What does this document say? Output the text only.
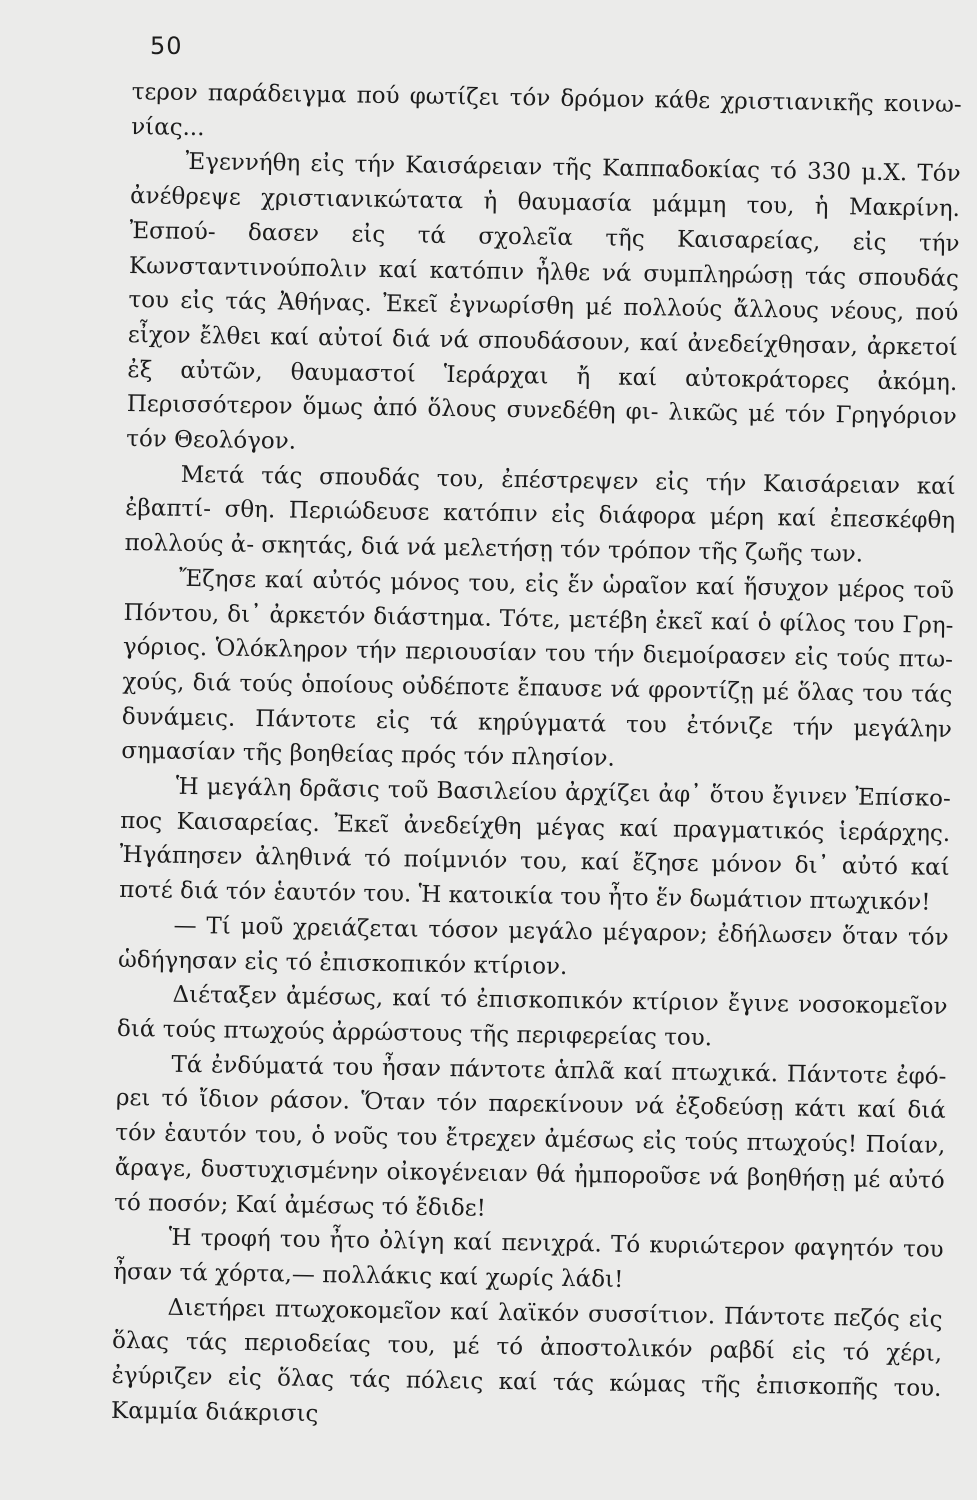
50

τερον παράδειγμα πού φωτίζει τόν δρόμον κάθε χριστιανικῆς κοινω- νίας...

Ἐγεννήθη εἰς τήν Καισάρειαν τῆς Καππαδοκίας τό 330 μ.Χ. Τόν ἀνέθρεψε χριστιανικώτατα ἡ θαυμασία μάμμη του, ἡ Μακρίνη. Ἐσπού- δασεν εἰς τά σχολεῖα τῆς Καισαρείας, εἰς τήν Κωνσταντινούπολιν καί κατόπιν ἦλθε νά συμπληρώσῃ τάς σπουδάς του εἰς τάς Ἀθήνας. Ἐκεῖ ἐγνωρίσθη μέ πολλούς ἄλλους νέους, πού εἶχον ἔλθει καί αὐτοί διά νά σπουδάσουν, καί ἀνεδείχθησαν, ἀρκετοί ἐξ αὐτῶν, θαυμαστοί Ἱεράρχαι ἤ καί αὐτοκράτορες ἀκόμη. Περισσότερον ὅμως ἀπό ὅλους συνεδέθη φι- λικῶς μέ τόν Γρηγόριον τόν Θεολόγον.

Μετά τάς σπουδάς του, ἐπέστρεψεν εἰς τήν Καισάρειαν καί ἐβαπτί- σθη. Περιώδευσε κατόπιν εἰς διάφορα μέρη καί ἐπεσκέφθη πολλούς ἀ- σκητάς, διά νά μελετήσῃ τόν τρόπον τῆς ζωῆς των.

Ἔζησε καί αὐτός μόνος του, εἰς ἕν ὡραῖον καί ἥσυχον μέρος τοῦ Πόντου, δι᾽ ἀρκετόν διάστημα. Τότε, μετέβη ἐκεῖ καί ὁ φίλος του Γρη- γόριος. Ὁλόκληρον τήν περιουσίαν του τήν διεμοίρασεν εἰς τούς πτω- χούς, διά τούς ὁποίους οὐδέποτε ἔπαυσε νά φροντίζῃ μέ ὅλας του τάς δυνάμεις. Πάντοτε εἰς τά κηρύγματά του ἐτόνιζε τήν μεγάλην σημασίαν τῆς βοηθείας πρός τόν πλησίον.

Ἡ μεγάλη δρᾶσις τοῦ Βασιλείου ἀρχίζει ἀφ᾽ ὅτου ἔγινεν Ἐπίσκο- πος Καισαρείας. Ἐκεῖ ἀνεδείχθη μέγας καί πραγματικός ἱεράρχης. Ἠγάπησεν ἀληθινά τό ποίμνιόν του, καί ἔζησε μόνον δι᾽ αὐτό καί ποτέ διά τόν ἑαυτόν του. Ἡ κατοικία του ἦτο ἕν δωμάτιον πτωχικόν!

— Τί μοῦ χρειάζεται τόσον μεγάλο μέγαρον; ἐδήλωσεν ὅταν τόν ὡδήγησαν εἰς τό ἐπισκοπικόν κτίριον.

Διέταξεν ἀμέσως, καί τό ἐπισκοπικόν κτίριον ἔγινε νοσοκομεῖον διά τούς πτωχούς ἀρρώστους τῆς περιφερείας του.

Τά ἐνδύματά του ἦσαν πάντοτε ἁπλᾶ καί πτωχικά. Πάντοτε ἐφό- ρει τό ἴδιον ράσον. Ὅταν τόν παρεκίνουν νά ἐξοδεύσῃ κάτι καί διά τόν ἑαυτόν του, ὁ νοῦς του ἔτρεχεν ἀμέσως εἰς τούς πτωχούς! Ποίαν, ἄραγε, δυστυχισμένην οἰκογένειαν θά ἠμποροῦσε νά βοηθήσῃ μέ αὐτό τό ποσόν; Καί ἀμέσως τό ἔδιδε!

Ἡ τροφή του ἦτο ὀλίγη καί πενιχρά. Τό κυριώτερον φαγητόν του ἦσαν τά χόρτα,— πολλάκις καί χωρίς λάδι!

Διετήρει πτωχοκομεῖον καί λαϊκόν συσσίτιον. Πάντοτε πεζός εἰς ὅλας τάς περιοδείας του, μέ τό ἀποστολικόν ραβδί εἰς τό χέρι, ἐγύριζεν εἰς ὅλας τάς πόλεις καί τάς κώμας τῆς ἐπισκοπῆς του. Καμμία διάκρισις
